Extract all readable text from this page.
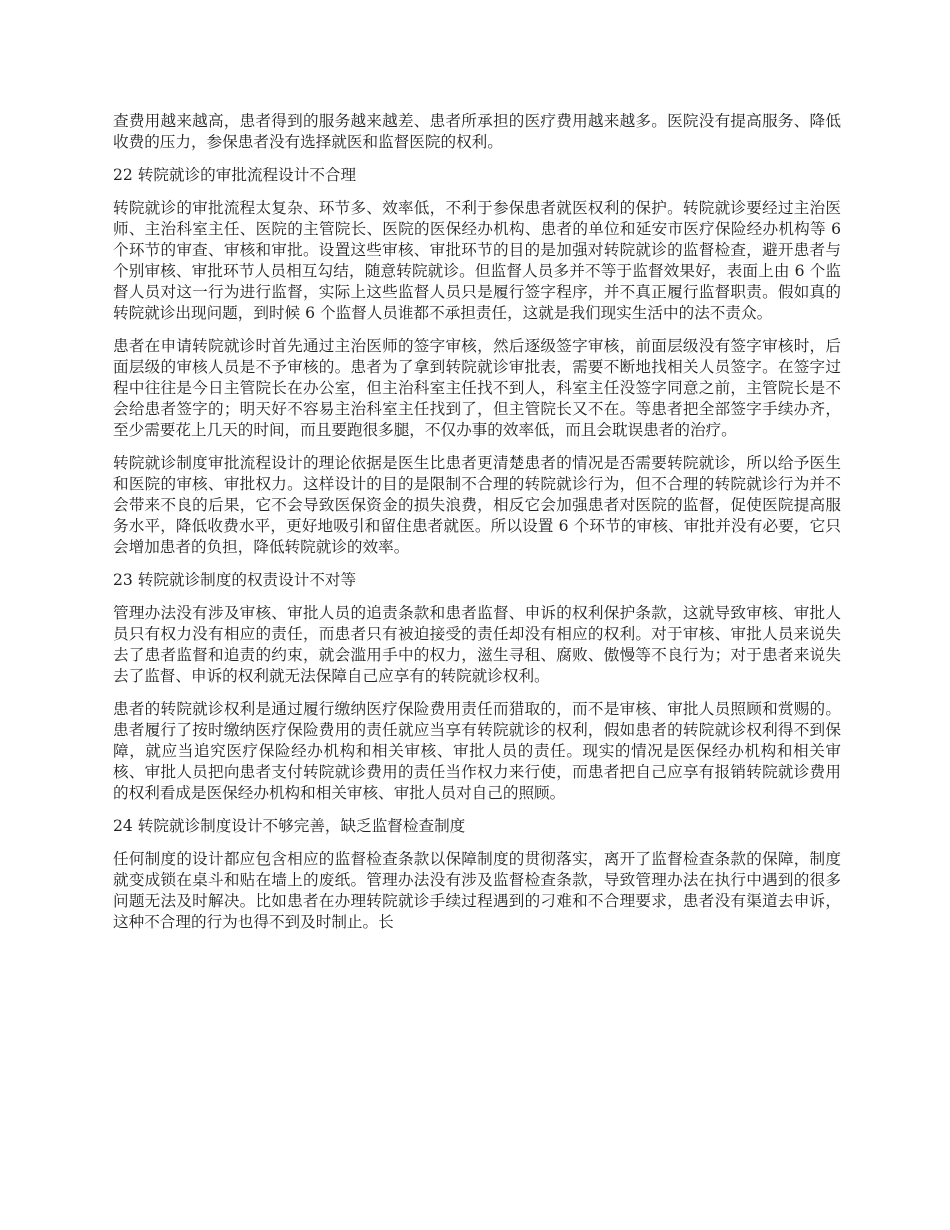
查费用越来越高，患者得到的服务越来越差、患者所承担的医疗费用越来越多。医院没有提高服务、降低收费的压力，参保患者没有选择就医和监督医院的权利。

22 转院就诊的审批流程设计不合理

转院就诊的审批流程太复杂、环节多、效率低，不利于参保患者就医权利的保护。转院就诊要经过主治医师、主治科室主任、医院的主管院长、医院的医保经办机构、患者的单位和延安市医疗保险经办机构等 6 个环节的审查、审核和审批。设置这些审核、审批环节的目的是加强对转院就诊的监督检查，避开患者与个别审核、审批环节人员相互勾结，随意转院就诊。但监督人员多并不等于监督效果好，表面上由 6 个监督人员对这一行为进行监督，实际上这些监督人员只是履行签字程序，并不真正履行监督职责。假如真的转院就诊出现问题，到时候 6 个监督人员谁都不承担责任，这就是我们现实生活中的法不责众。

患者在申请转院就诊时首先通过主治医师的签字审核，然后逐级签字审核，前面层级没有签字审核时，后面层级的审核人员是不予审核的。患者为了拿到转院就诊审批表，需要不断地找相关人员签字。在签字过程中往往是今日主管院长在办公室，但主治科室主任找不到人，科室主任没签字同意之前，主管院长是不会给患者签字的；明天好不容易主治科室主任找到了，但主管院长又不在。等患者把全部签字手续办齐，至少需要花上几天的时间，而且要跑很多腿，不仅办事的效率低，而且会耽误患者的治疗。

转院就诊制度审批流程设计的理论依据是医生比患者更清楚患者的情况是否需要转院就诊，所以给予医生和医院的审核、审批权力。这样设计的目的是限制不合理的转院就诊行为，但不合理的转院就诊行为并不会带来不良的后果，它不会导致医保资金的损失浪费，相反它会加强患者对医院的监督，促使医院提高服务水平，降低收费水平，更好地吸引和留住患者就医。所以设置 6 个环节的审核、审批并没有必要，它只会增加患者的负担，降低转院就诊的效率。

23 转院就诊制度的权责设计不对等

管理办法没有涉及审核、审批人员的追责条款和患者监督、申诉的权利保护条款，这就导致审核、审批人员只有权力没有相应的责任，而患者只有被迫接受的责任却没有相应的权利。对于审核、审批人员来说失去了患者监督和追责的约束，就会滥用手中的权力，滋生寻租、腐败、傲慢等不良行为；对于患者来说失去了监督、申诉的权利就无法保障自己应享有的转院就诊权利。

患者的转院就诊权利是通过履行缴纳医疗保险费用责任而猎取的，而不是审核、审批人员照顾和赏赐的。患者履行了按时缴纳医疗保险费用的责任就应当享有转院就诊的权利，假如患者的转院就诊权利得不到保障，就应当追究医疗保险经办机构和相关审核、审批人员的责任。现实的情况是医保经办机构和相关审核、审批人员把向患者支付转院就诊费用的责任当作权力来行使，而患者把自己应享有报销转院就诊费用的权利看成是医保经办机构和相关审核、审批人员对自己的照顾。

24 转院就诊制度设计不够完善，缺乏监督检查制度

任何制度的设计都应包含相应的监督检查条款以保障制度的贯彻落实，离开了监督检查条款的保障，制度就变成锁在桌斗和贴在墙上的废纸。管理办法没有涉及监督检查条款，导致管理办法在执行中遇到的很多问题无法及时解决。比如患者在办理转院就诊手续过程遇到的刁难和不合理要求，患者没有渠道去申诉，这种不合理的行为也得不到及时制止。长
